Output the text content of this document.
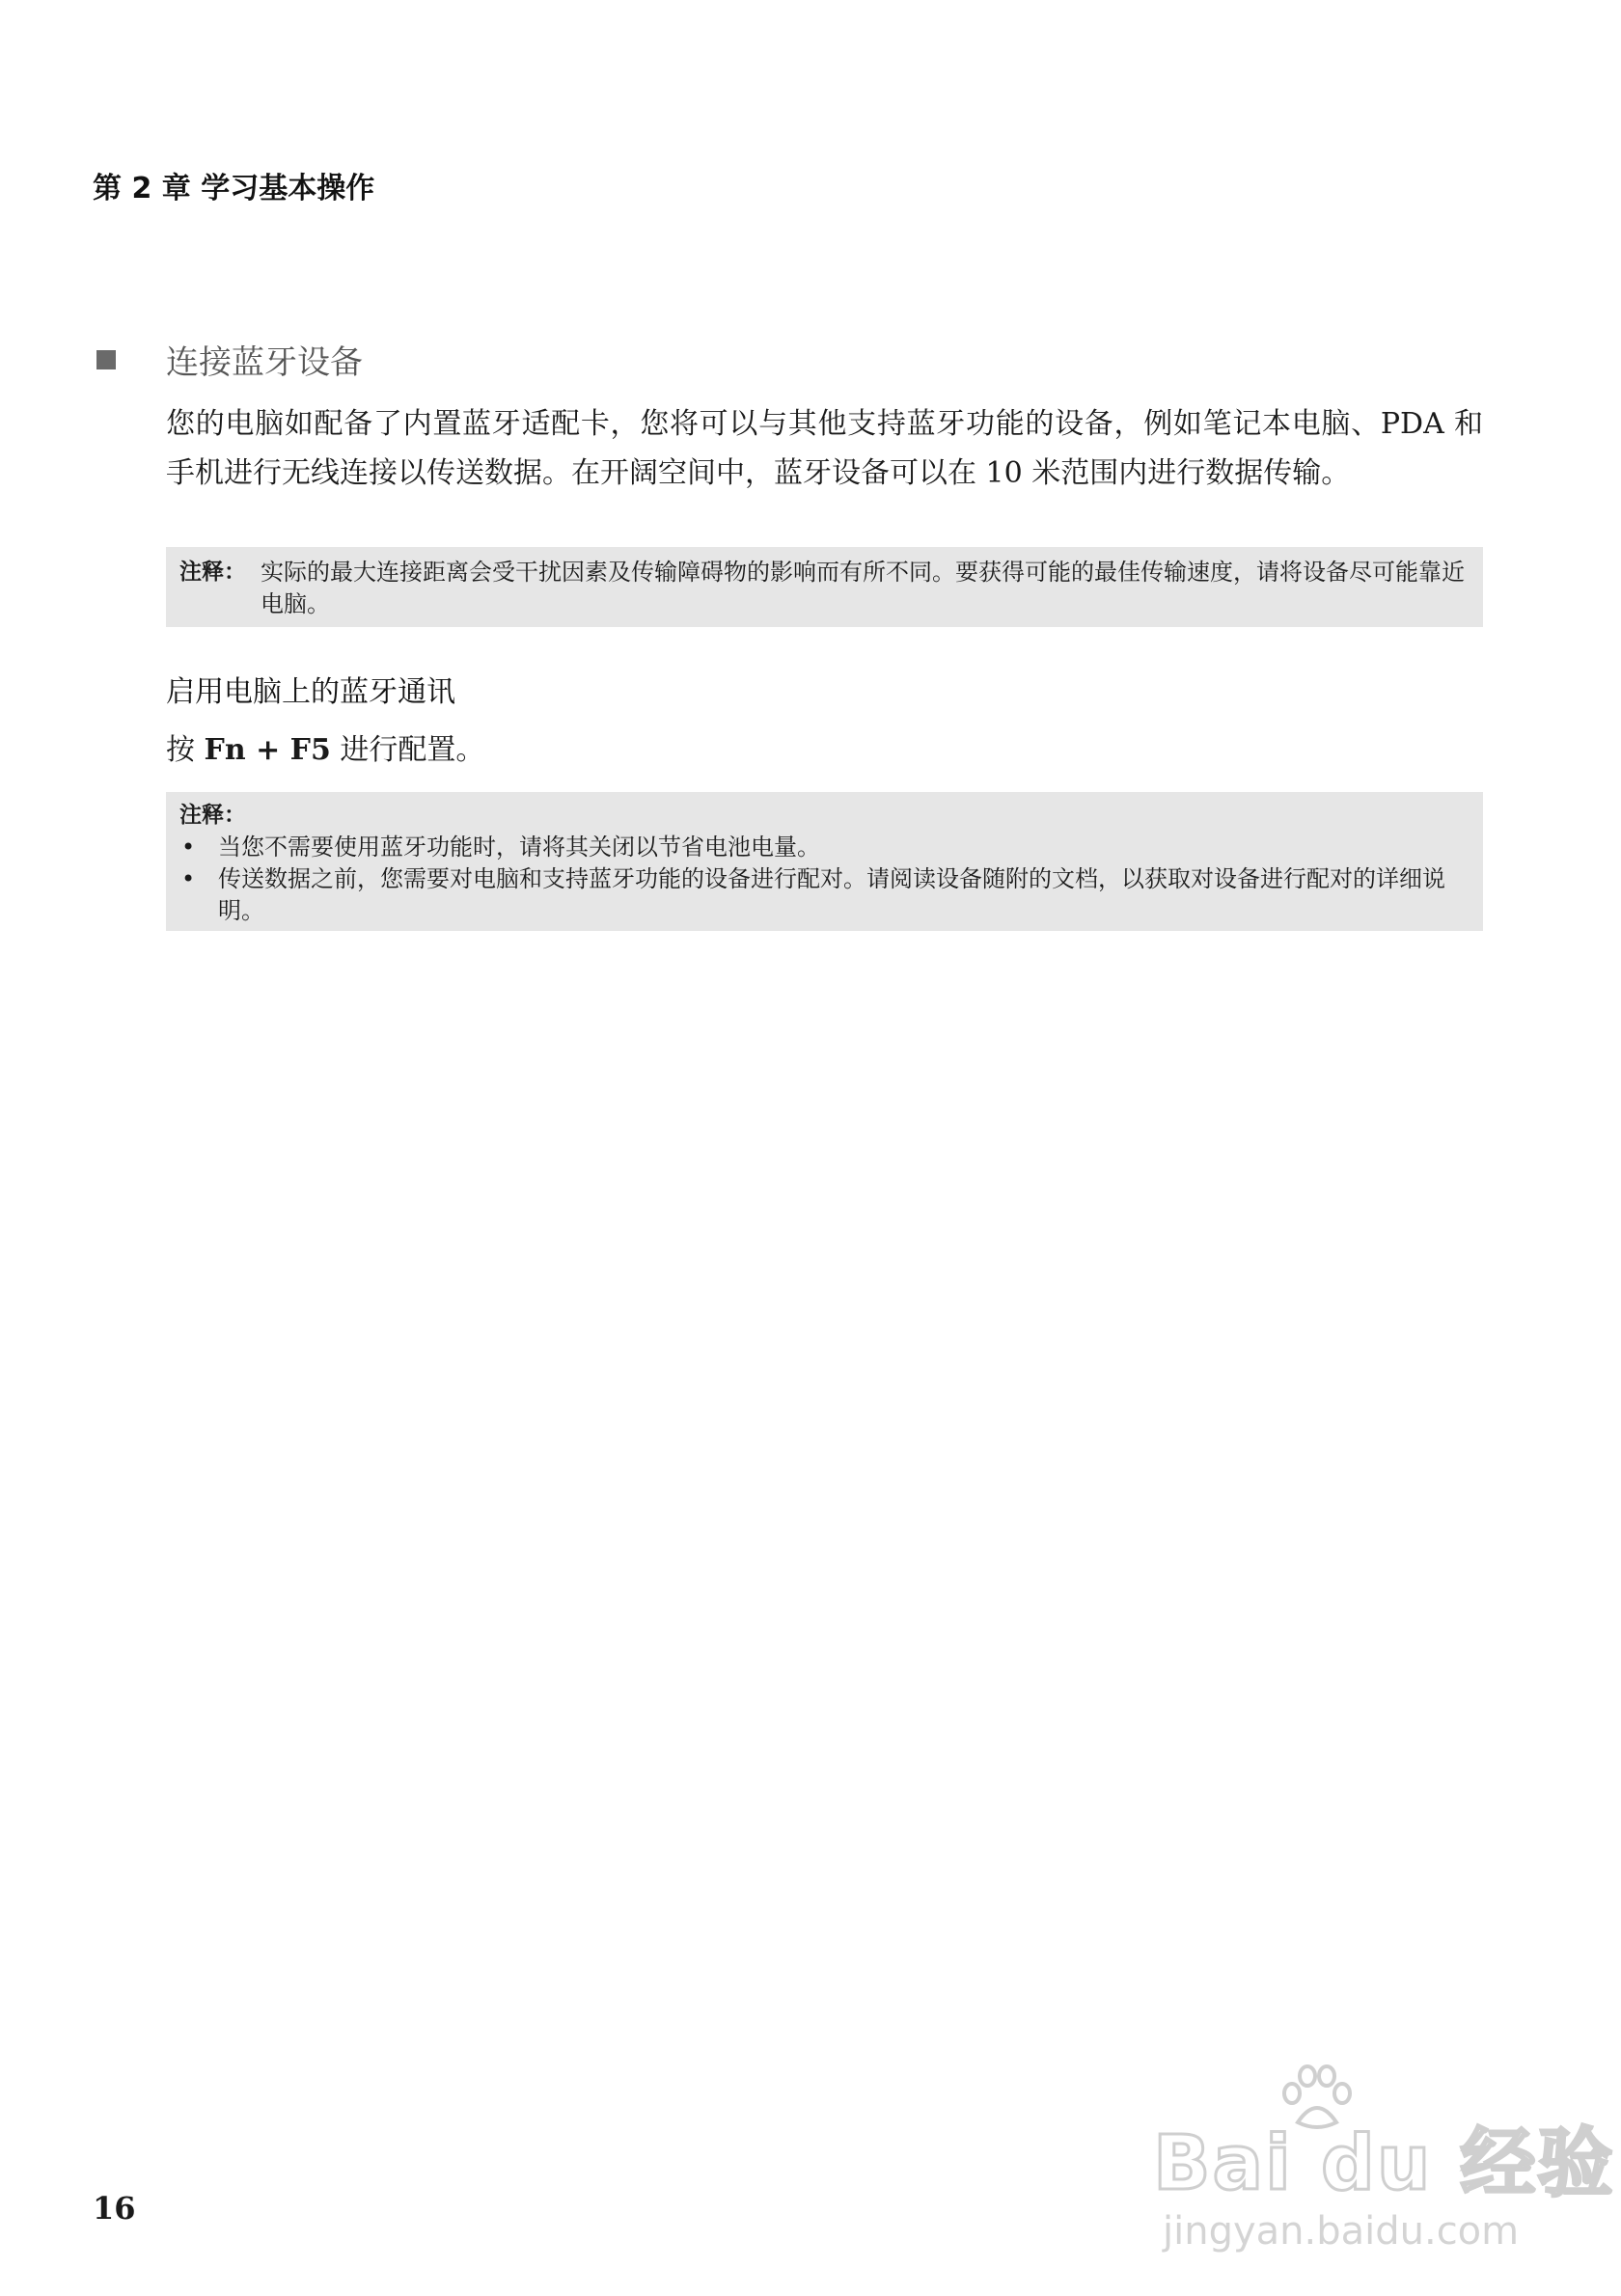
第 2 章 学习基本操作
连接蓝牙设备
您的电脑如配备了内置蓝牙适配卡，您将可以与其他支持蓝牙功能的设备，例如笔记本电脑、PDA 和手机进行无线连接以传送数据。在开阔空间中，蓝牙设备可以在 10 米范围内进行数据传输。
注释： 实际的最大连接距离会受干扰因素及传输障碍物的影响而有所不同。要获得可能的最佳传输速度，请将设备尽可能靠近电脑。
启用电脑上的蓝牙通讯
按 Fn + F5 进行配置。
注释：
• 当您不需要使用蓝牙功能时，请将其关闭以节省电池电量。
• 传送数据之前，您需要对电脑和支持蓝牙功能的设备进行配对。请阅读设备随附的文档，以获取对设备进行配对的详细说明。
16
Bai du 经验
jingyan.baidu.com
